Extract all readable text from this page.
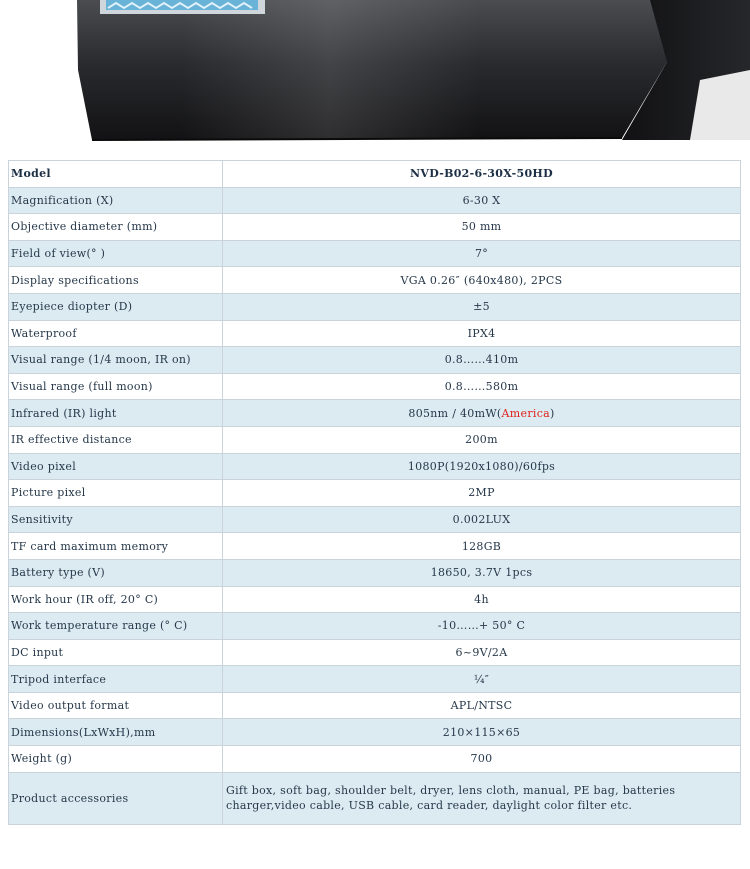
Model	NVD-B02-6-30X-50HD
Magnification (X)	6-30 X
Objective diameter (mm)	50 mm
Field of view(° )	7°
Display specifications	VGA 0.26″ (640x480), 2PCS
Eyepiece diopter (D)	±5
Waterproof	IPX4
Visual range (1/4 moon, IR on)	0.8……410m
Visual range (full moon)	0.8……580m
Infrared (IR) light	805nm / 40mW(America)
IR effective distance	200m
Video pixel	1080P(1920x1080)/60fps
Picture pixel	2MP
Sensitivity	0.002LUX
TF card maximum memory	128GB
Battery type (V)	18650, 3.7V 1pcs
Work hour (IR off, 20° C)	4h
Work temperature range (° C)	-10……+ 50° C
DC input	6~9V/2A
Tripod interface	¼″
Video output format	APL/NTSC
Dimensions(LxWxH),mm	210×115×65
Weight (g)	700
Product accessories	Gift box, soft bag, shoulder belt, dryer, lens cloth, manual, PE bag, batteries
charger,video cable, USB cable, card reader, daylight color filter etc.
